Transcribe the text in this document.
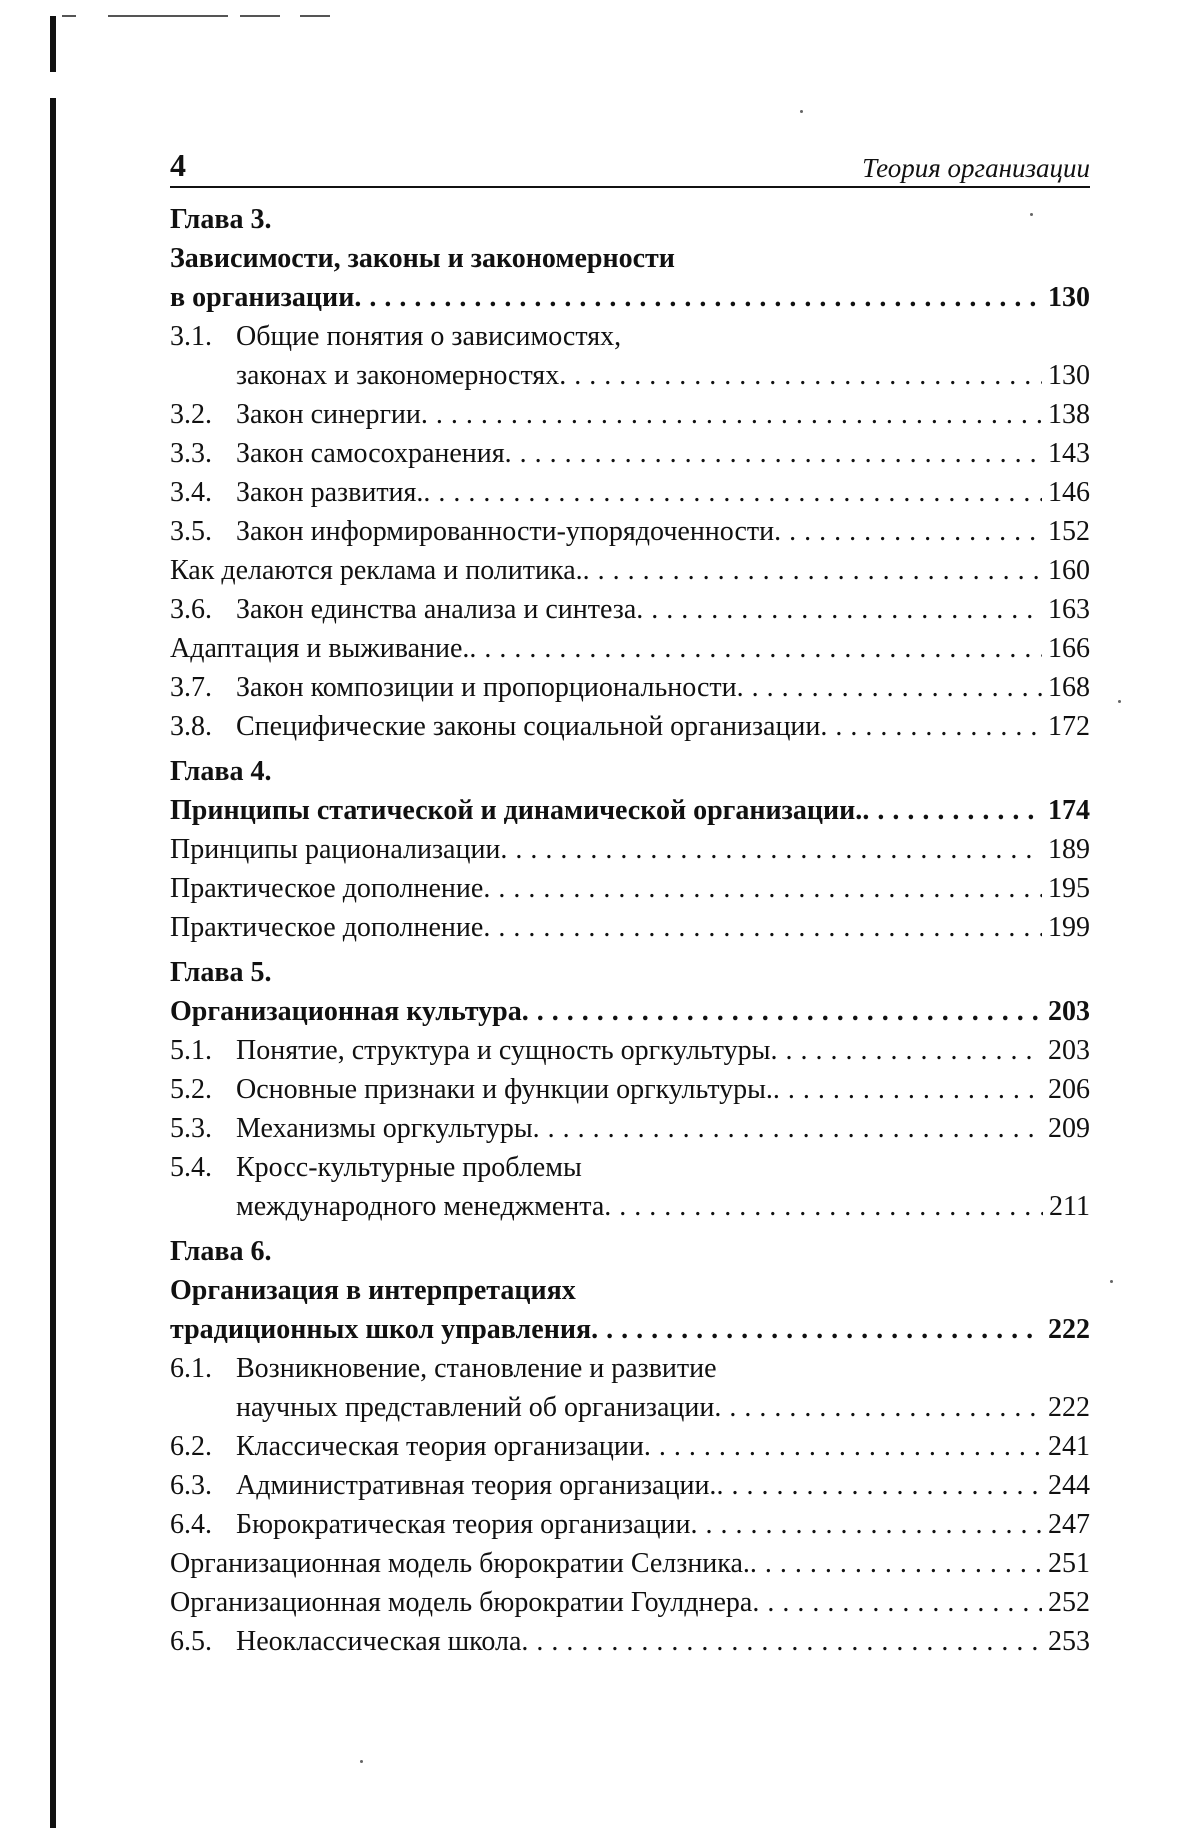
4	Теория организации
Глава 3.
Зависимости, законы и закономерности
в организации . . .	130
3.1. Общие понятия о зависимостях,
законах и закономерностях . . .	130
3.2. Закон синергии . . .	138
3.3. Закон самосохранения . . .	143
3.4. Закон развития. . . .	146
3.5. Закон информированности-упорядоченности . . .	152
Как делаются реклама и политика. . . .	160
3.6. Закон единства анализа и синтеза . . .	163
Адаптация и выживание. . . .	166
3.7. Закон композиции и пропорциональности . . .	168
3.8. Специфические законы социальной организации . . .	172
Глава 4.
Принципы статической и динамической организации. . . .	174
Принципы рационализации . . .	189
Практическое дополнение . . .	195
Практическое дополнение . . .	199
Глава 5.
Организационная культура . . .	203
5.1. Понятие, структура и сущность оргкультуры . . .	203
5.2. Основные признаки и функции оргкультуры. . . .	206
5.3. Механизмы оргкультуры . . .	209
5.4. Кросс-культурные проблемы
международного менеджмента . . .	211
Глава 6.
Организация в интерпретациях
традиционных школ управления . . .	222
6.1. Возникновение, становление и развитие
научных представлений об организации . . .	222
6.2. Классическая теория организации . . .	241
6.3. Административная теория организации. . . .	244
6.4. Бюрократическая теория организации . . .	247
Организационная модель бюрократии Селзника. . . .	251
Организационная модель бюрократии Гоулднера . . .	252
6.5. Неоклассическая школа . . .	253
